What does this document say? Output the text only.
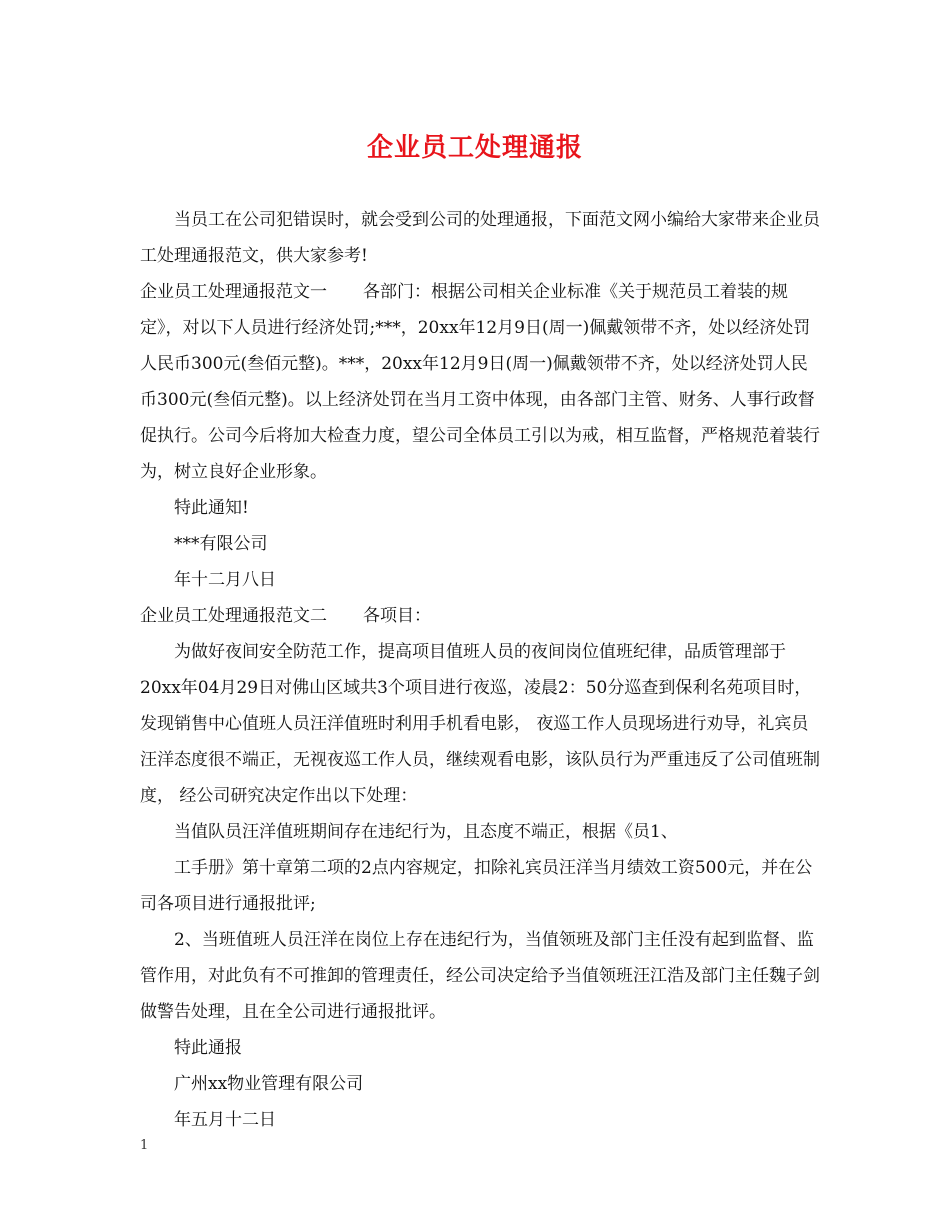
企业员工处理通报

当员工在公司犯错误时，就会受到公司的处理通报，下面范文网小编给大家带来企业员工处理通报范文，供大家参考!

企业员工处理通报范文一 各部门：根据公司相关企业标准《关于规范员工着装的规定》，对以下人员进行经济处罚;***，20xx年12月9日(周一)佩戴领带不齐，处以经济处罚人民币300元(叁佰元整)。***，20xx年12月9日(周一)佩戴领带不齐，处以经济处罚人民币300元(叁佰元整)。以上经济处罚在当月工资中体现，由各部门主管、财务、人事行政督促执行。公司今后将加大检查力度，望公司全体员工引以为戒，相互监督，严格规范着装行为，树立良好企业形象。

特此通知!

***有限公司

年十二月八日

企业员工处理通报范文二 各项目：

为做好夜间安全防范工作，提高项目值班人员的夜间岗位值班纪律，品质管理部于20xx年04月29日对佛山区域共3个项目进行夜巡，凌晨2：50分巡查到保利名苑项目时，发现销售中心值班人员汪洋值班时利用手机看电影， 夜巡工作人员现场进行劝导，礼宾员汪洋态度很不端正，无视夜巡工作人员，继续观看电影，该队员行为严重违反了公司值班制度， 经公司研究决定作出以下处理：

当值队员汪洋值班期间存在违纪行为，且态度不端正，根据《员1、

工手册》第十章第二项的2点内容规定，扣除礼宾员汪洋当月绩效工资500元，并在公司各项目进行通报批评;

2、当班值班人员汪洋在岗位上存在违纪行为，当值领班及部门主任没有起到监督、监管作用，对此负有不可推卸的管理责任，经公司决定给予当值领班汪江浩及部门主任魏子剑做警告处理，且在全公司进行通报批评。

特此通报

广州xx物业管理有限公司

年五月十二日

1
